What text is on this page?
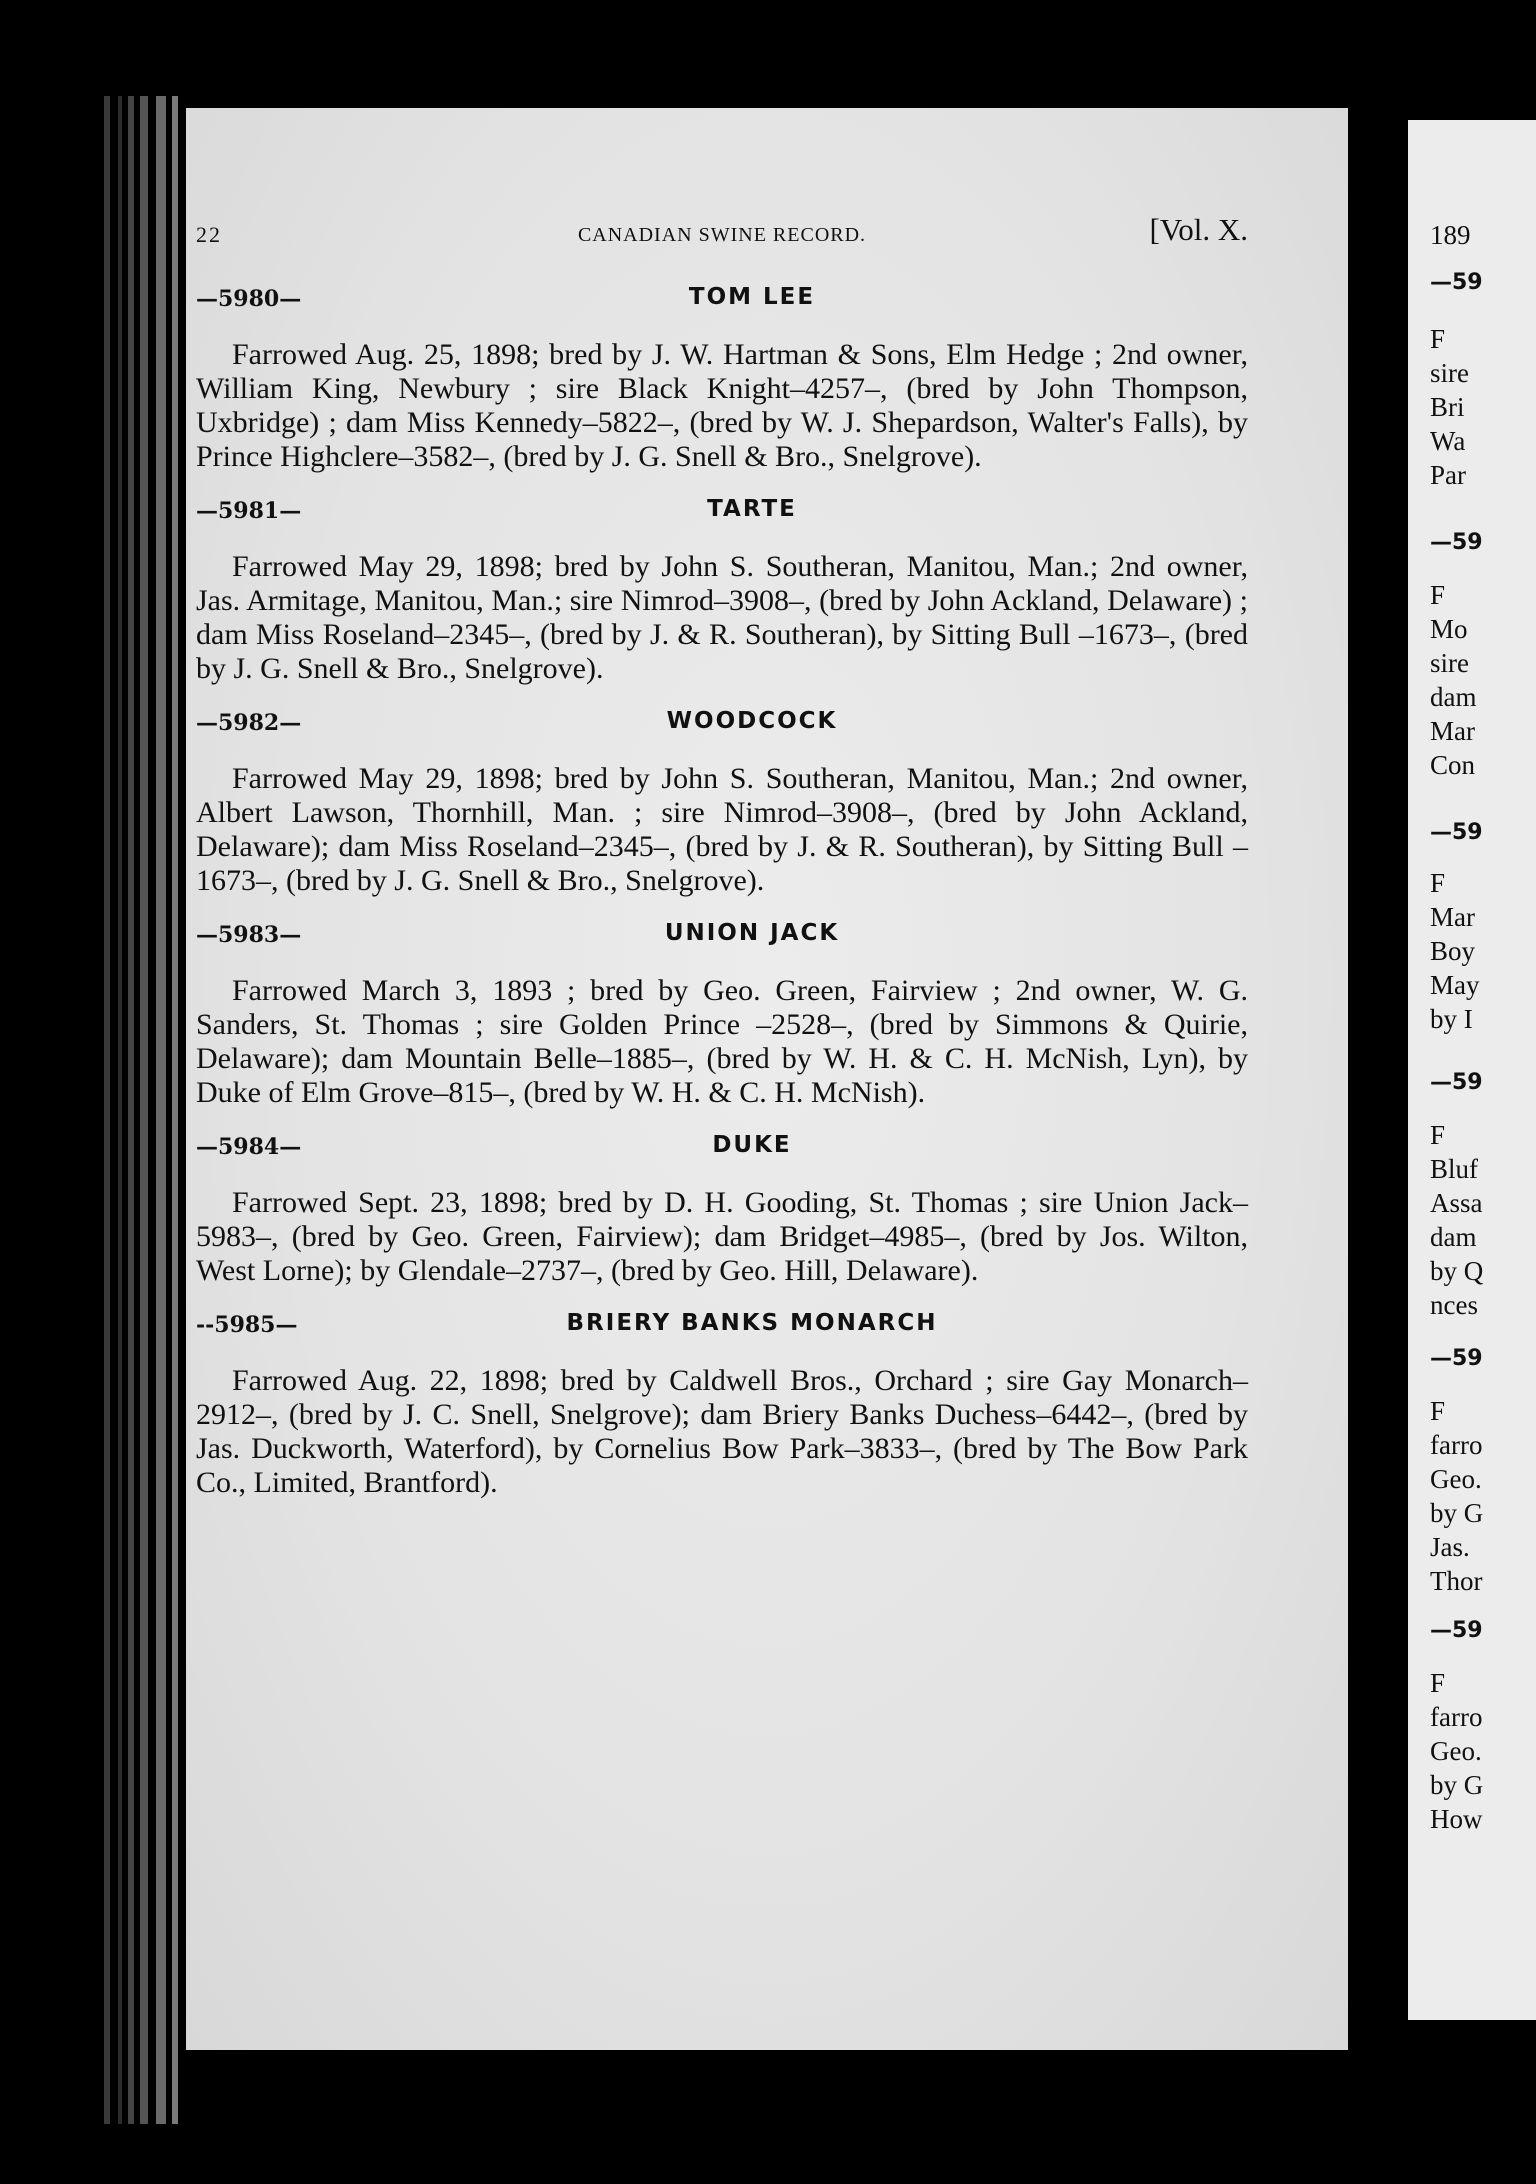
22	CANADIAN SWINE RECORD.	[Vol. X.
—5980—	TOM LEE

Farrowed Aug. 25, 1898; bred by J. W. Hartman & Sons, Elm Hedge ; 2nd owner, William King, Newbury ; sire Black Knight–4257–, (bred by John Thompson, Uxbridge) ; dam Miss Kennedy–5822–, (bred by W. J. Shepardson, Walter's Falls), by Prince Highclere–3582–, (bred by J. G. Snell & Bro., Snelgrove).

—5981—	TARTE

Farrowed May 29, 1898; bred by John S. Southeran, Manitou, Man.; 2nd owner, Jas. Armitage, Manitou, Man.; sire Nimrod–3908–, (bred by John Ackland, Delaware) ; dam Miss Roseland–2345–, (bred by J. & R. Southeran), by Sitting Bull –1673–, (bred by J. G. Snell & Bro., Snelgrove).

—5982—	WOODCOCK

Farrowed May 29, 1898; bred by John S. Southeran, Manitou, Man.; 2nd owner, Albert Lawson, Thornhill, Man. ; sire Nimrod–3908–, (bred by John Ackland, Delaware); dam Miss Roseland–2345–, (bred by J. & R. Southeran), by Sitting Bull –1673–, (bred by J. G. Snell & Bro., Snelgrove).

—5983—	UNION JACK

Farrowed March 3, 1893 ; bred by Geo. Green, Fairview ; 2nd owner, W. G. Sanders, St. Thomas ; sire Golden Prince –2528–, (bred by Simmons & Quirie, Delaware); dam Mountain Belle–1885–, (bred by W. H. & C. H. McNish, Lyn), by Duke of Elm Grove–815–, (bred by W. H. & C. H. McNish).

—5984—	DUKE

Farrowed Sept. 23, 1898; bred by D. H. Gooding, St. Thomas ; sire Union Jack–5983–, (bred by Geo. Green, Fairview); dam Bridget–4985–, (bred by Jos. Wilton, West Lorne); by Glendale–2737–, (bred by Geo. Hill, Delaware).

--5985—	BRIERY BANKS MONARCH

Farrowed Aug. 22, 1898; bred by Caldwell Bros., Orchard ; sire Gay Monarch–2912–, (bred by J. C. Snell, Snelgrove); dam Briery Banks Duchess–6442–, (bred by Jas. Duckworth, Waterford), by Cornelius Bow Park–3833–, (bred by The Bow Park Co., Limited, Brantford).

189
—59
F
sire
Bri
Wa
Par
—59
F
Mo
sire
dam
Mar
Con
—59
F
Mar
Boy
May
by I
—59
F
Bluf
Assa
dam
by Q
nces
—59
F
farro
Geo.
by G
Jas.
Thor
—59
F
farro
Geo.
by G
How
